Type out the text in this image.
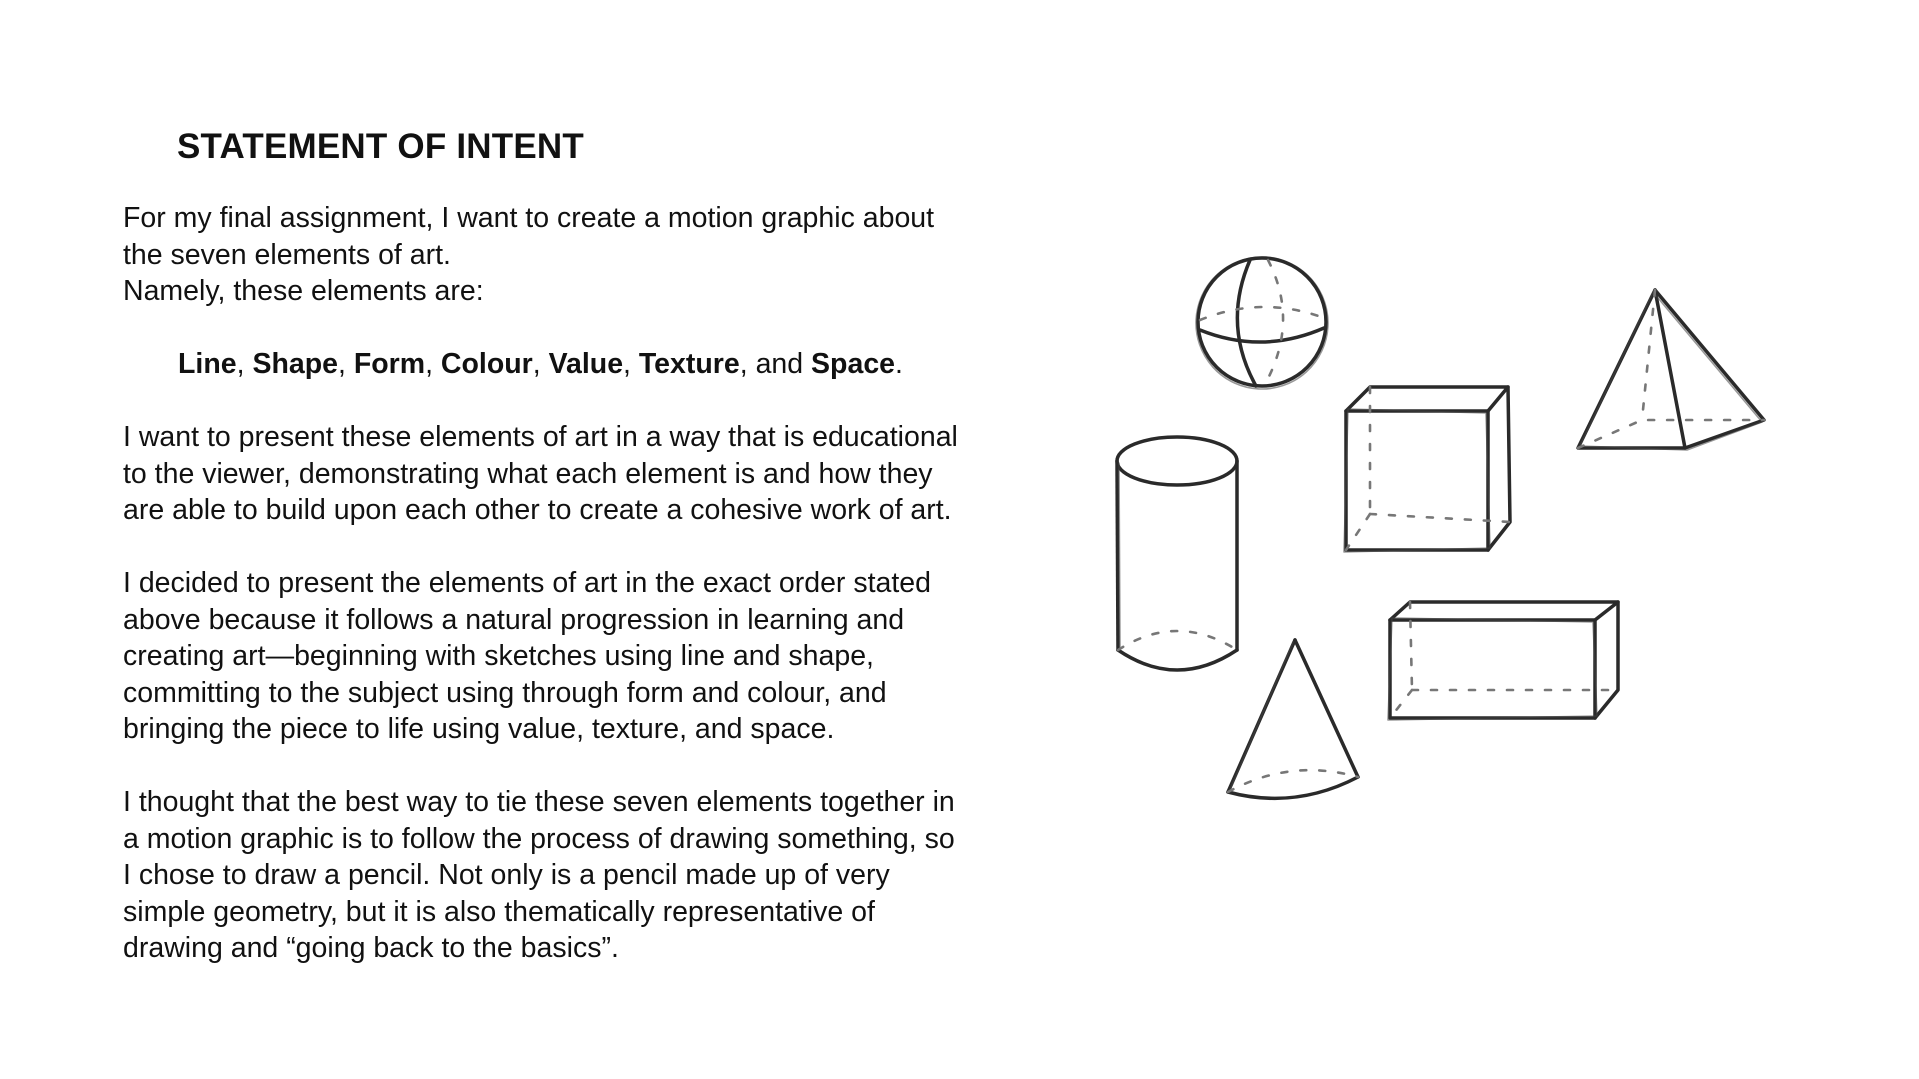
STATEMENT OF INTENT

For my final assignment, I want to create a motion graphic about

the seven elements of art.

Namely, these elements are:

Line, Shape, Form, Colour, Value, Texture, and Space.

I want to present these elements of art in a way that is educational

to the viewer, demonstrating what each element is and how they

are able to build upon each other to create a cohesive work of art.

I decided to present the elements of art in the exact order stated

above because it follows a natural progression in learning and

creating art—beginning with sketches using line and shape,

committing to the subject using through form and colour, and

bringing the piece to life using value, texture, and space.

I thought that the best way to tie these seven elements together in

a motion graphic is to follow the process of drawing something, so

I chose to draw a pencil. Not only is a pencil made up of very

simple geometry, but it is also thematically representative of

drawing and “going back to the basics”.
